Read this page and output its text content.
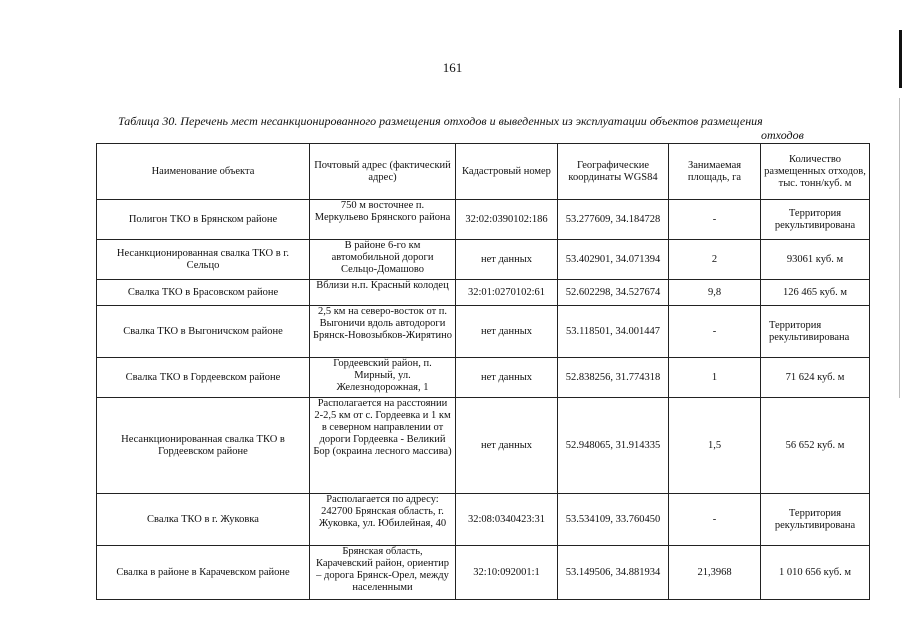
161
Таблица 30. Перечень мест несанкционированного размещения отходов и выведенных из эксплуатации объектов размещения
отходов
Наименование объекта	Почтовый адрес (фактический адрес)	Кадастровый номер	Географические координаты WGS84	Занимаемая площадь, га	Количество размещенных отходов, тыс. тонн/куб. м
Полигон ТКО в Брянском районе	750 м восточнее п. Меркульево Брянского района	32:02:0390102:186	53.277609, 34.184728	-	Территория рекультивирована
Несанкционированная свалка ТКО в г. Сельцо	В районе 6-го км автомобильной дороги Сельцо-Домашово	нет данных	53.402901, 34.071394	2	93061 куб. м
Свалка ТКО в Брасовском районе	Вблизи н.п. Красный колодец	32:01:0270102:61	52.602298, 34.527674	9,8	126 465 куб. м
Свалка ТКО в Выгоничском районе	2,5 км на северо-восток от п. Выгоничи вдоль автодороги Брянск-Новозыбков-Жирятино	нет данных	53.118501, 34.001447	-	Территория рекультивирована
Свалка ТКО в Гордеевском районе	Гордеевский район, п. Мирный, ул. Железнодорожная, 1	нет данных	52.838256, 31.774318	1	71 624 куб. м
Несанкционированная свалка ТКО в Гордеевском районе	Располагается на расстоянии 2-2,5 км от с. Гордеевка и 1 км в северном направлении от дороги Гордеевка - Великий Бор (окраина лесного массива)	нет данных	52.948065, 31.914335	1,5	56 652 куб. м
Свалка ТКО в г. Жуковка	Располагается по адресу: 242700 Брянская область, г. Жуковка, ул. Юбилейная, 40	32:08:0340423:31	53.534109, 33.760450	-	Территория рекультивирована
Свалка в районе в Карачевском районе	Брянская область, Карачевский район, ориентир – дорога Брянск-Орел, между населенными	32:10:092001:1	53.149506, 34.881934	21,3968	1 010 656 куб. м
